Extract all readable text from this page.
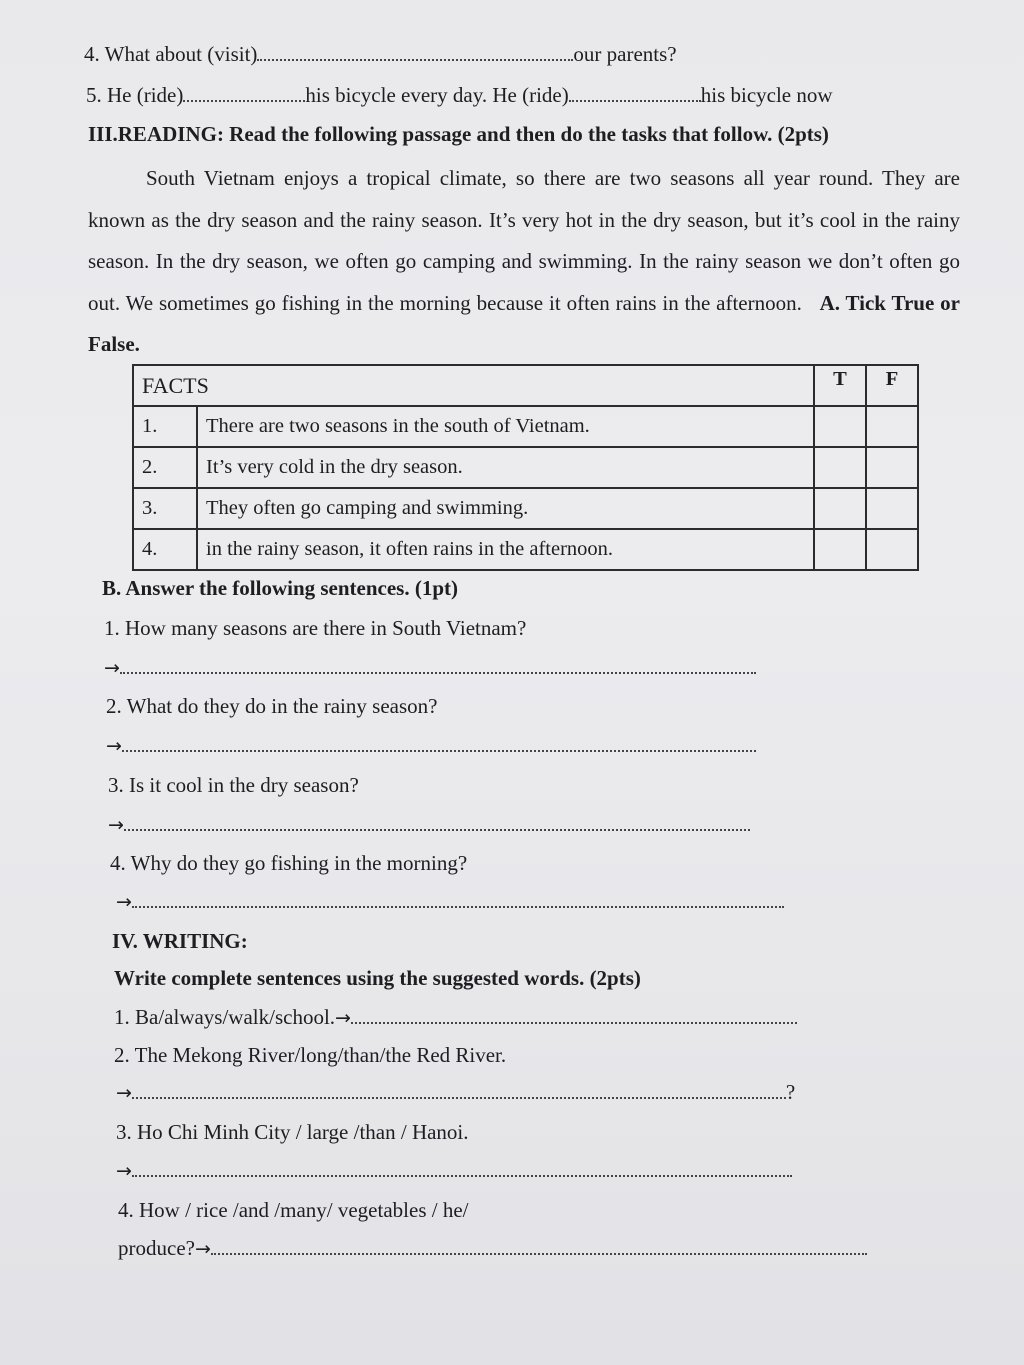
4. What about (visit)	our parents?
5. He (ride)	his bicycle every day. He (ride)	his bicycle now
III.READING: Read the following passage and then do the tasks that follow. (2pts)
South Vietnam enjoys a tropical climate, so there are two seasons all year round. They are known as the dry season and the rainy season. It’s very hot in the dry season, but it’s cool in the rainy season. In the dry season, we often go camping and swimming. In the rainy season we don’t often go out. We sometimes go fishing in the morning because it often rains in the afternoon. A. Tick True or False.
FACTS		T	F
1.	There are two seasons in the south of Vietnam.		
2.	It’s very cold in the dry season.		
3.	They often go camping and swimming.		
4.	in the rainy season, it often rains in the afternoon.		
B. Answer the following sentences. (1pt)
1. How many seasons are there in South Vietnam?
→
2. What do they do in the rainy season?
→
3. Is it cool in the dry season?
→
4. Why do they go fishing in the morning?
→
IV. WRITING:
Write complete sentences using the suggested words. (2pts)
1. Ba/always/walk/school.→
2. The Mekong River/long/than/the Red River.
→	?
3. Ho Chi Minh City / large /than / Hanoi.
→
4. How / rice /and /many/ vegetables / he/
produce?→
